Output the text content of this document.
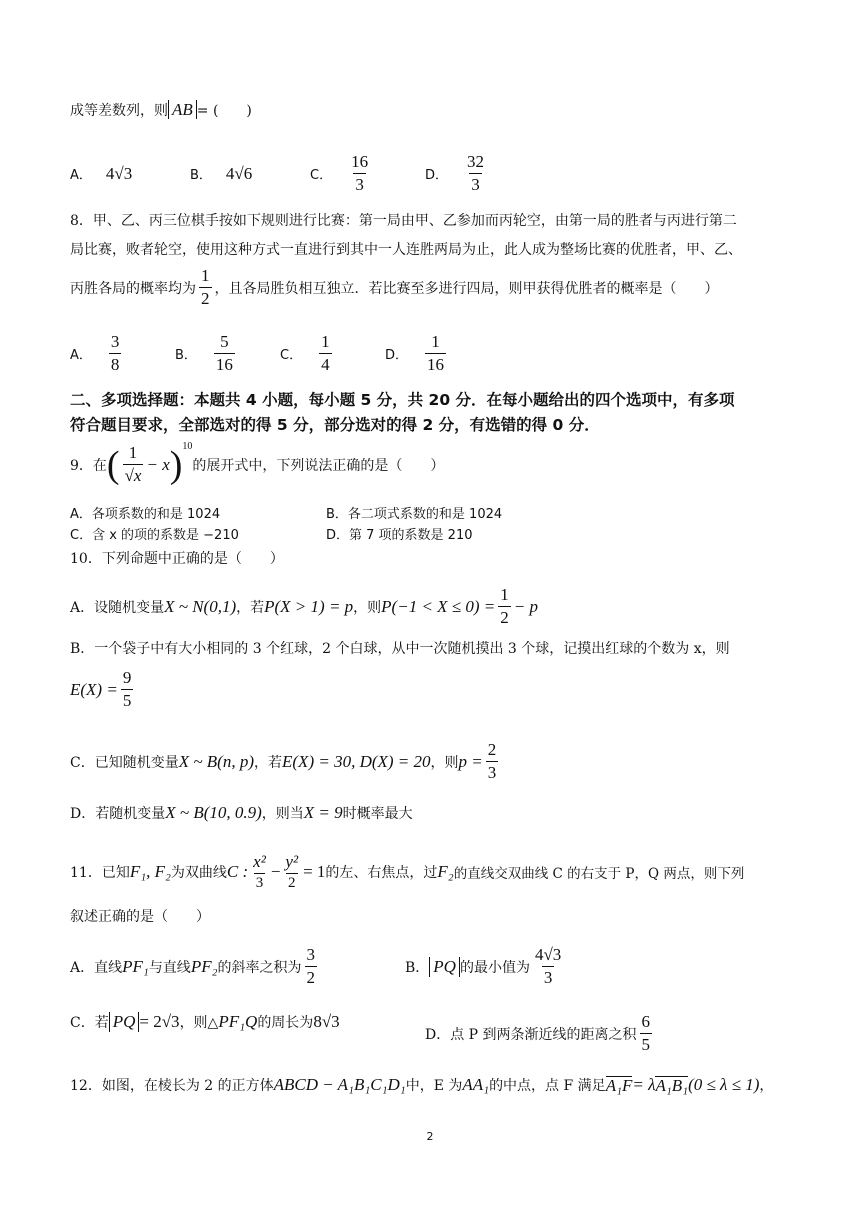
成等差数列，则 AB = (　　)
A． 4√3	B． 4√6	C． $\frac{16}{3}$	D． $\frac{32}{3}$
8．甲、乙、丙三位棋手按如下规则进行比赛：第一局由甲、乙参加而丙轮空，由第一局的胜者与丙进行第二
局比赛，败者轮空，使用这种方式一直进行到其中一人连胜两局为止，此人成为整场比赛的优胜者，甲、乙、
丙胜各局的概率均为 $\frac{1}{2}$ ，且各局胜负相互独立．若比赛至多进行四局，则甲获得优胜者的概率是（　　）
A． $\frac{3}{8}$	B． $\frac{5}{16}$	C． $\frac{1}{4}$	D． $\frac{1}{16}$
二、多项选择题：本题共 4 小题，每小题 5 分，共 20 分．在每小题给出的四个选项中，有多项
符合题目要求，全部选对的得 5 分，部分选对的得 2 分，有选错的得 0 分．
9．在 ( $\frac{1}{√x} - x$ ) 10
的展开式中，下列说法正确的是（　　）
A．各项系数的和是 1024	B．各二项式系数的和是 1024
C．含 x 的项的系数是 −210	D．第 7 项的系数是 210
10．下列命题中正确的是（　　）
A．设随机变量 X ~ N(0,1) ，若 P(X > 1) = p ，则 $P(-1 < X \le 0) = \frac{1}{2} - p$
B．一个袋子中有大小相同的 3 个红球，2 个白球，从中一次随机摸出 3 个球，记摸出红球的个数为 x，则
$E(X) = \frac{9}{5}$
C．已知随机变量 X ~ B(n, p) ，若 E(X) = 30, D(X) = 20 ，则 $p = \frac{2}{3}$
D．若随机变量 X ~ B(10, 0.9) ，则当 X = 9 时概率最大
11．已知 F₁, F₂ 为双曲线 C : $\frac{\text{x²}}{3} - \frac{\text{y²}}{2} = 1$ 的左、右焦点，过 F₂ 的直线交双曲线 C 的右支于 P，Q 两点，则下列
叙述正确的是（　　）
A．直线 PF₁ 与直线 PF₂ 的斜率之积为 $\frac{3}{2}$	B． PQ 的最小值为 $\frac{4√3}{3}$
C．若 PQ = 2√3 ，则△ PF₁Q 的周长为 8√3
D．点 P 到两条渐近线的距离之积 $\frac{6}{5}$
12．如图，在棱长为 2 的正方体 ABCD − A₁B₁C₁D₁ 中，E 为 AA₁ 的中点，点 F 满足 A₁F = λ A₁B₁ (0 ≤ λ ≤ 1) ，
2
